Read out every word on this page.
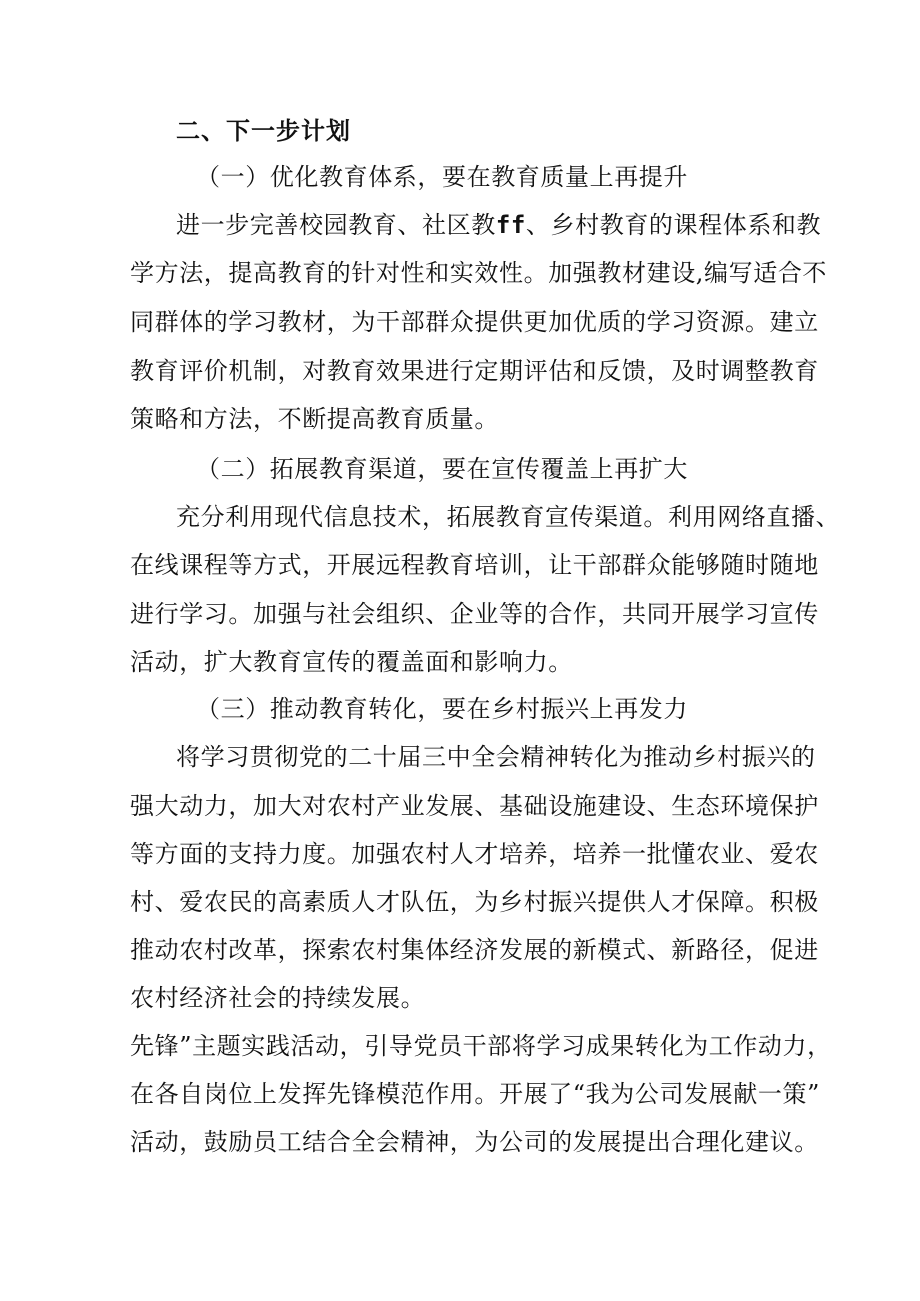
二、下一步计划
（一）优化教育体系，要在教育质量上再提升
进一步完善校园教育、社区教ff、乡村教育的课程体系和教
学方法，提高教育的针对性和实效性。加强教材建设,编写适合不
同群体的学习教材，为干部群众提供更加优质的学习资源。建立
教育评价机制，对教育效果进行定期评估和反馈，及时调整教育
策略和方法，不断提高教育质量。
（二）拓展教育渠道，要在宣传覆盖上再扩大
充分利用现代信息技术，拓展教育宣传渠道。利用网络直播、
在线课程等方式，开展远程教育培训，让干部群众能够随时随地
进行学习。加强与社会组织、企业等的合作，共同开展学习宣传
活动，扩大教育宣传的覆盖面和影响力。
（三）推动教育转化，要在乡村振兴上再发力
将学习贯彻党的二十届三中全会精神转化为推动乡村振兴的
强大动力，加大对农村产业发展、基础设施建设、生态环境保护
等方面的支持力度。加强农村人才培养，培养一批懂农业、爱农
村、爱农民的高素质人才队伍，为乡村振兴提供人才保障。积极
推动农村改革，探索农村集体经济发展的新模式、新路径，促进
农村经济社会的持续发展。
先锋”主题实践活动，引导党员干部将学习成果转化为工作动力，
在各自岗位上发挥先锋模范作用。开展了“我为公司发展献一策”
活动，鼓励员工结合全会精神，为公司的发展提出合理化建议。
